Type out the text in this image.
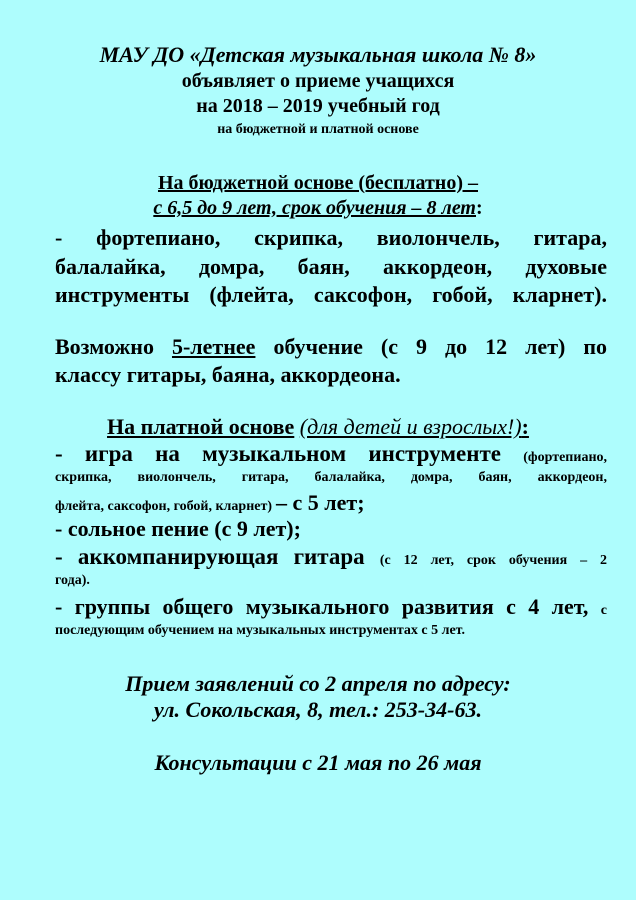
МАУ ДО «Детская музыкальная школа № 8»
объявляет о приеме учащихся
на 2018 – 2019 учебный год
на бюджетной и платной основе
На бюджетной основе (бесплатно) –
с 6,5 до 9 лет, срок обучения – 8 лет:
- фортепиано, скрипка, виолончель, гитара,
балалайка, домра, баян, аккордеон, духовые
инструменты (флейта, саксофон, гобой, кларнет).
Возможно 5-летнее обучение (с 9 до 12 лет) по
классу гитары, баяна, аккордеона.
На платной основе (для детей и взрослых!):
- игра на музыкальном инструменте (фортепиано,
скрипка, виолончель, гитара, балалайка, домра, баян, аккордеон,
флейта, саксофон, гобой, кларнет) – с 5 лет;
- сольное пение (с 9 лет);
- аккомпанирующая гитара (с 12 лет, срок обучения – 2
года).
- группы общего музыкального развития с 4 лет, с
последующим обучением на музыкальных инструментах с 5 лет.
Прием заявлений со 2 апреля по адресу:
ул. Сокольская, 8, тел.: 253-34-63.
Консультации с 21 мая по 26 мая
